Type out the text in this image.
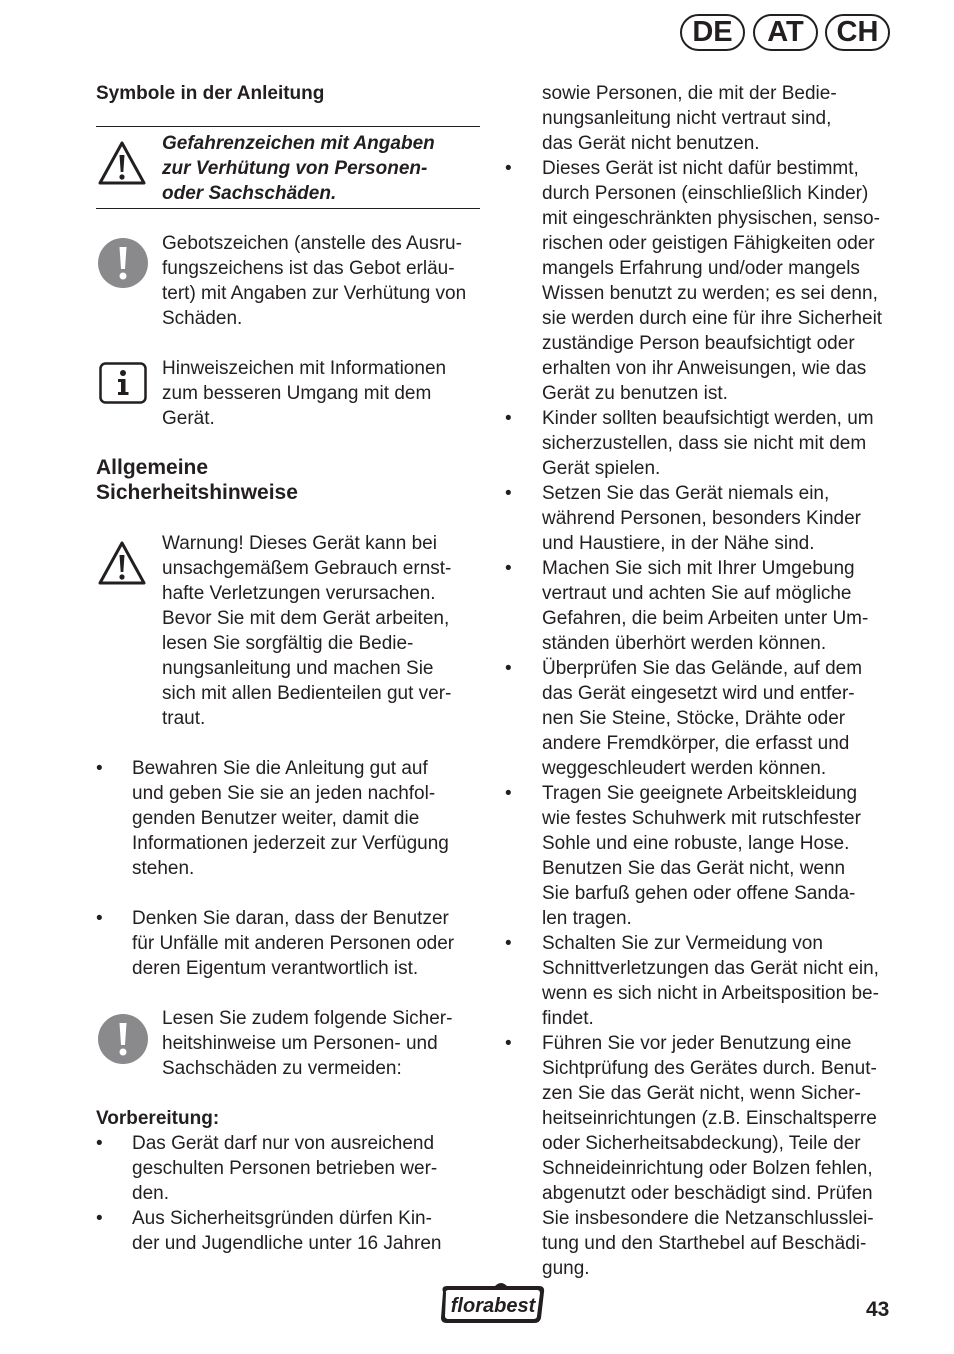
DE	AT	CH
Symbole in der Anleitung
Gefahrenzeichen mit Angaben
zur Verhütung von Personen-
oder Sachschäden.
Gebotszeichen (anstelle des Ausru-
fungszeichens ist das Gebot erläu-
tert) mit Angaben zur Verhütung von
Schäden.
Hinweiszeichen mit Informationen
zum besseren Umgang mit dem
Gerät.
Allgemeine
Sicherheitshinweise
Warnung! Dieses Gerät kann bei
unsachgemäßem Gebrauch ernst-
hafte Verletzungen verursachen.
Bevor Sie mit dem Gerät arbeiten,
lesen Sie sorgfältig die Bedie-
nungsanleitung und machen Sie
sich mit allen Bedienteilen gut ver-
traut.
• Bewahren Sie die Anleitung gut auf
und geben Sie sie an jeden nachfol-
genden Benutzer weiter, damit die
Informationen jederzeit zur Verfügung
stehen.
• Denken Sie daran, dass der Benutzer
für Unfälle mit anderen Personen oder
deren Eigentum verantwortlich ist.
Lesen Sie zudem folgende Sicher-
heitshinweise um Personen- und
Sachschäden zu vermeiden:
Vorbereitung:
• Das Gerät darf nur von ausreichend
geschulten Personen betrieben wer-
den.
• Aus Sicherheitsgründen dürfen Kin-
der und Jugendliche unter 16 Jahren
sowie Personen, die mit der Bedie-
nungsanleitung nicht vertraut sind,
das Gerät nicht benutzen.
• Dieses Gerät ist nicht dafür bestimmt,
durch Personen (einschließlich Kinder)
mit eingeschränkten physischen, senso-
rischen oder geistigen Fähigkeiten oder
mangels Erfahrung und/oder mangels
Wissen benutzt zu werden; es sei denn,
sie werden durch eine für ihre Sicherheit
zuständige Person beaufsichtigt oder
erhalten von ihr Anweisungen, wie das
Gerät zu benutzen ist.
• Kinder sollten beaufsichtigt werden, um
sicherzustellen, dass sie nicht mit dem
Gerät spielen.
• Setzen Sie das Gerät niemals ein,
während Personen, besonders Kinder
und Haustiere, in der Nähe sind.
• Machen Sie sich mit Ihrer Umgebung
vertraut und achten Sie auf mögliche
Gefahren, die beim Arbeiten unter Um-
ständen überhört werden können.
• Überprüfen Sie das Gelände, auf dem
das Gerät eingesetzt wird und entfer-
nen Sie Steine, Stöcke, Drähte oder
andere Fremdkörper, die erfasst und
weggeschleudert werden können.
• Tragen Sie geeignete Arbeitskleidung
wie festes Schuhwerk mit rutschfester
Sohle und eine robuste, lange Hose.
Benutzen Sie das Gerät nicht, wenn
Sie barfuß gehen oder offene Sanda-
len tragen.
• Schalten Sie zur Vermeidung von
Schnittverletzungen das Gerät nicht ein,
wenn es sich nicht in Arbeitsposition be-
findet.
• Führen Sie vor jeder Benutzung eine
Sichtprüfung des Gerätes durch. Benut-
zen Sie das Gerät nicht, wenn Sicher-
heitseinrichtungen (z.B. Einschaltsperre
oder Sicherheitsabdeckung), Teile der
Schneideinrichtung oder Bolzen fehlen,
abgenutzt oder beschädigt sind. Prüfen
Sie insbesondere die Netzanschlusslei-
tung und den Starthebel auf Beschädi-
gung.
florabest	43
